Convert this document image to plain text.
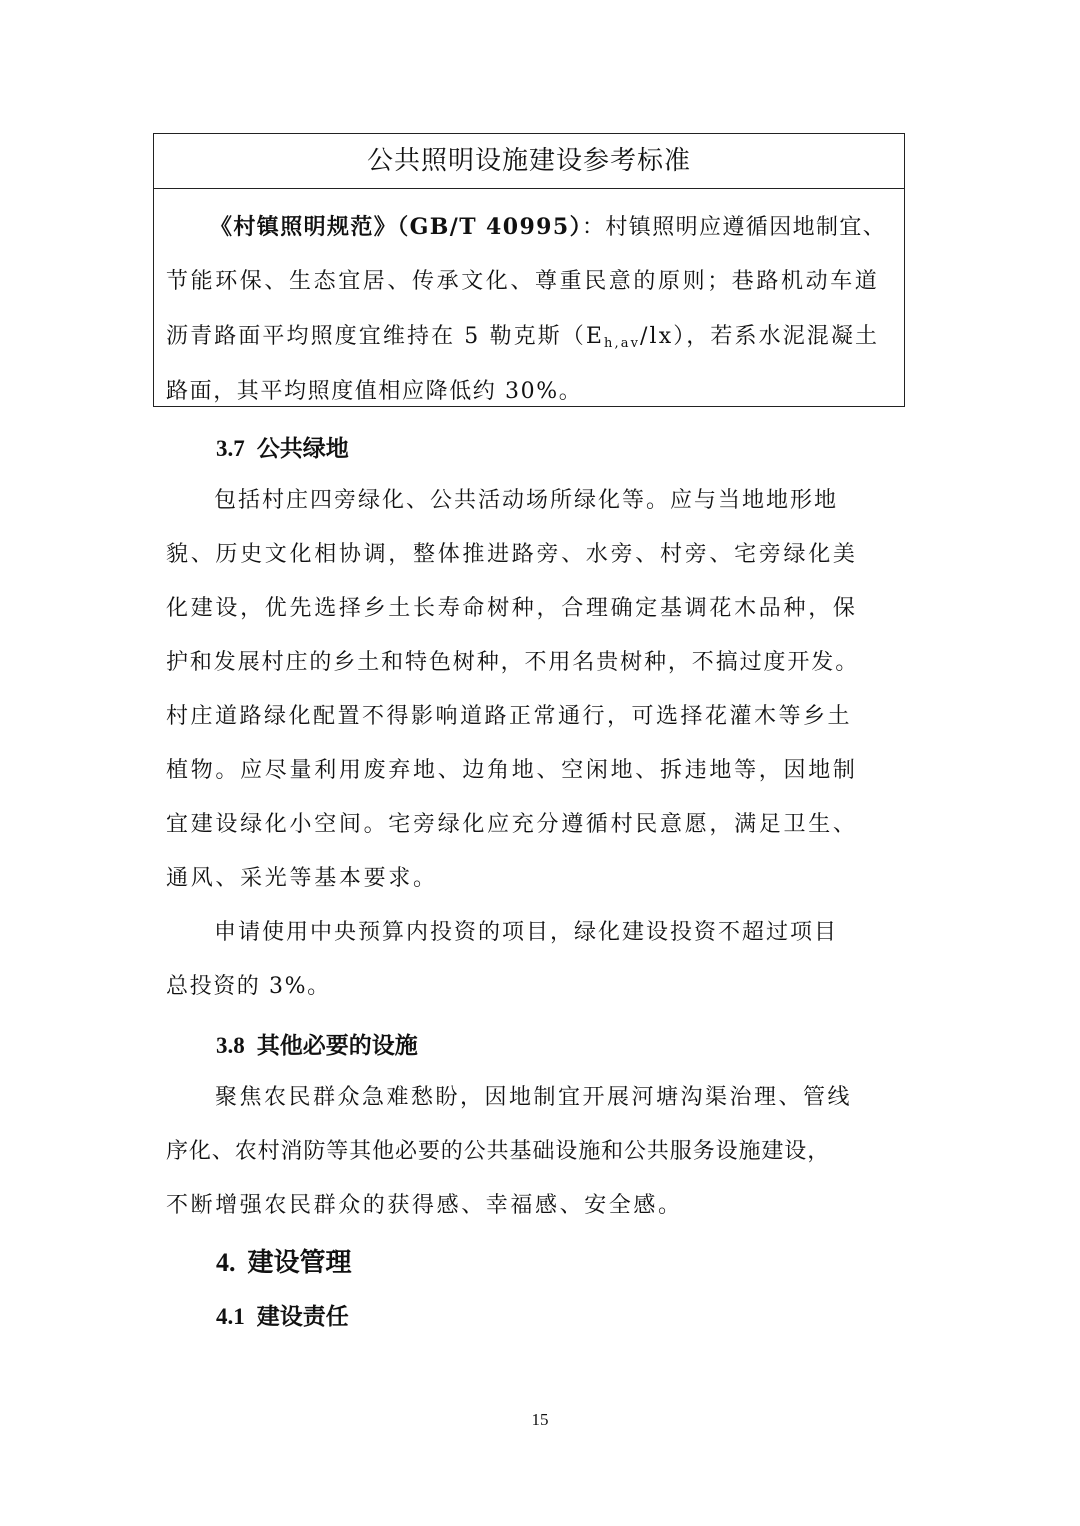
公共照明设施建设参考标准
《村镇照明规范》（GB/T 40995）：村镇照明应遵循因地制宜、
节能环保、生态宜居、传承文化、尊重民意的原则；巷路机动车道
沥青路面平均照度宜维持在 5 勒克斯$(E_{h,av}/lx)$，若系水泥混凝土
路面，其平均照度值相应降低约 30%。
3.7 公共绿地
　　包括村庄四旁绿化、公共活动场所绿化等。应与当地地形地
貌、历史文化相协调，整体推进路旁、水旁、村旁、宅旁绿化美
化建设，优先选择乡土长寿命树种，合理确定基调花木品种，保
护和发展村庄的乡土和特色树种，不用名贵树种，不搞过度开发。
村庄道路绿化配置不得影响道路正常通行，可选择花灌木等乡土
植物。应尽量利用废弃地、边角地、空闲地、拆违地等，因地制
宜建设绿化小空间。宅旁绿化应充分遵循村民意愿，满足卫生、
通风、采光等基本要求。
　　申请使用中央预算内投资的项目，绿化建设投资不超过项目
总投资的 3%。
3.8 其他必要的设施
　　聚焦农民群众急难愁盼，因地制宜开展河塘沟渠治理、管线
序化、农村消防等其他必要的公共基础设施和公共服务设施建设，
不断增强农民群众的获得感、幸福感、安全感。
4. 建设管理
4.1 建设责任
15
